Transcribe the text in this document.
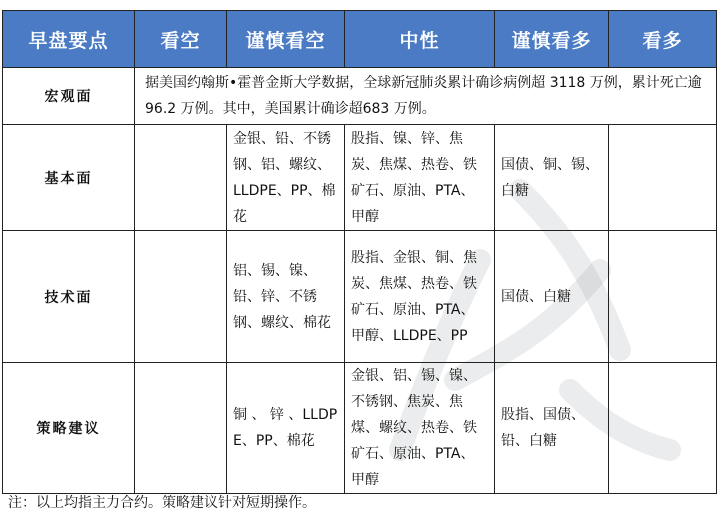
早盘要点	看空	谨慎看空	中性	谨慎看多	看多
宏观面	据美国约翰斯•霍普金斯大学数据，全球新冠肺炎累计确诊病例超 3118 万例，累计死亡逾 96.2 万例。其中，美国累计确诊超683 万例。				
基本面		金银、铅、不锈钢、铝、螺纹、 LLDPE、PP、棉花	股指、镍、锌、焦炭、焦煤、热卷、铁矿石、原油、PTA、甲醇	国债、铜、锡、白糖	
技术面		铝、锡、镍、铅、锌、不锈钢、螺纹、棉花	股指、金银、铜、焦炭、焦煤、热卷、铁矿石、原油、PTA、甲醇、LLDPE、PP	国债、白糖	
策略建议		铜 、 锌 、LLDPE、PP、棉花	金银、铝、锡、镍、不锈钢、焦炭、焦煤、螺纹、热卷、铁矿石、原油、PTA、甲醇	股指、国债、铅、白糖	
注：以上均指主力合约。策略建议针对短期操作。
